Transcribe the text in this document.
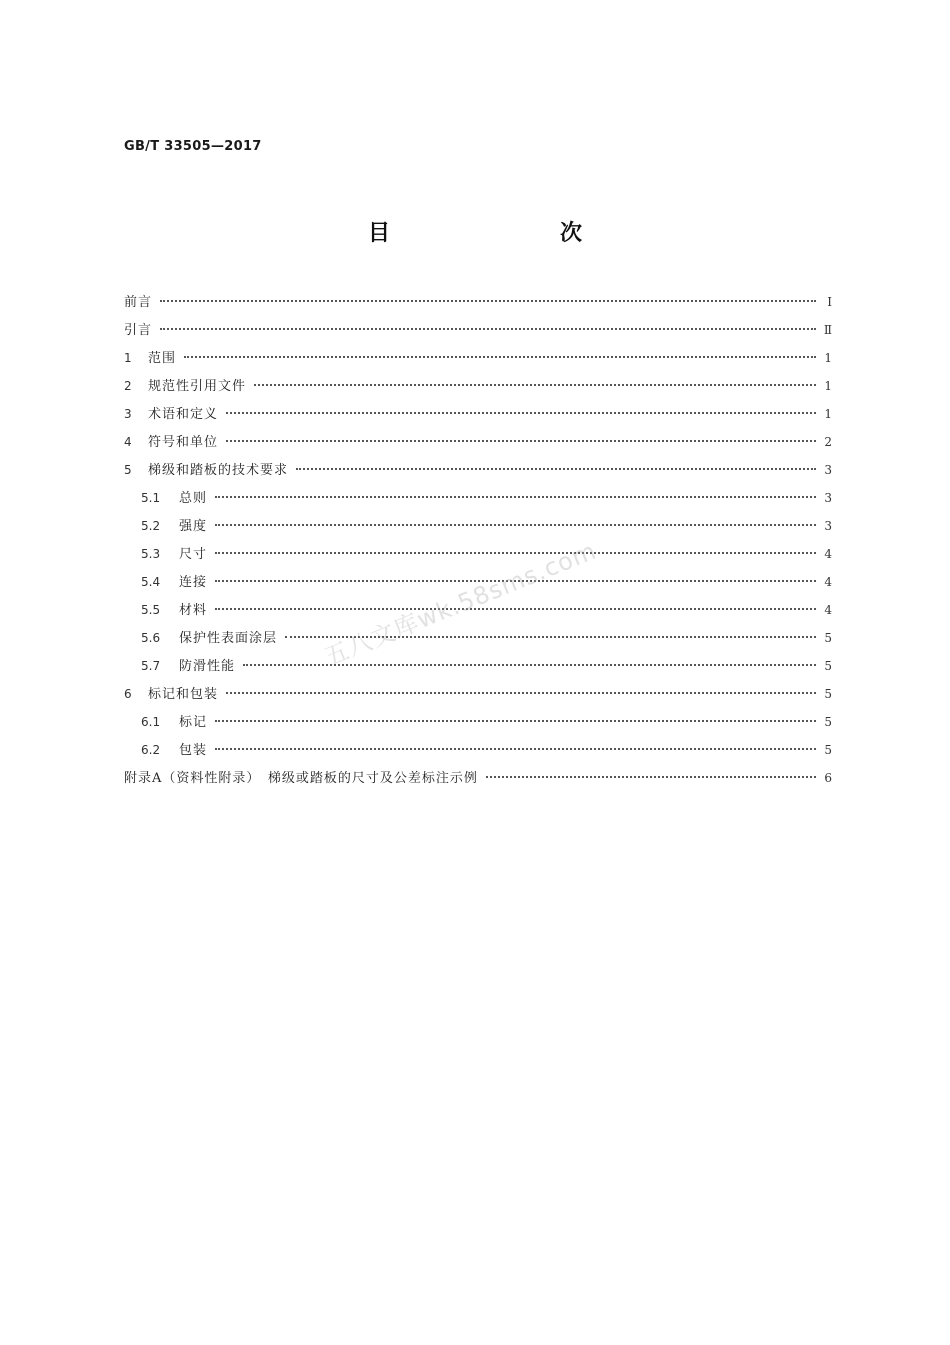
GB/T 33505—2017
目　　次
前言	Ⅰ
引言	Ⅱ
1	范围	1
2	规范性引用文件	1
3	术语和定义	1
4	符号和单位	2
5	梯级和踏板的技术要求	3
5.1	总则	3
5.2	强度	3
5.3	尺寸	4
5.4	连接	4
5.5	材料	4
5.6	保护性表面涂层	5
5.7	防滑性能	5
6	标记和包装	5
6.1	标记	5
6.2	包装	5
附录A（资料性附录）　梯级或踏板的尺寸及公差标注示例	6
五八文库wk.58sms.com
